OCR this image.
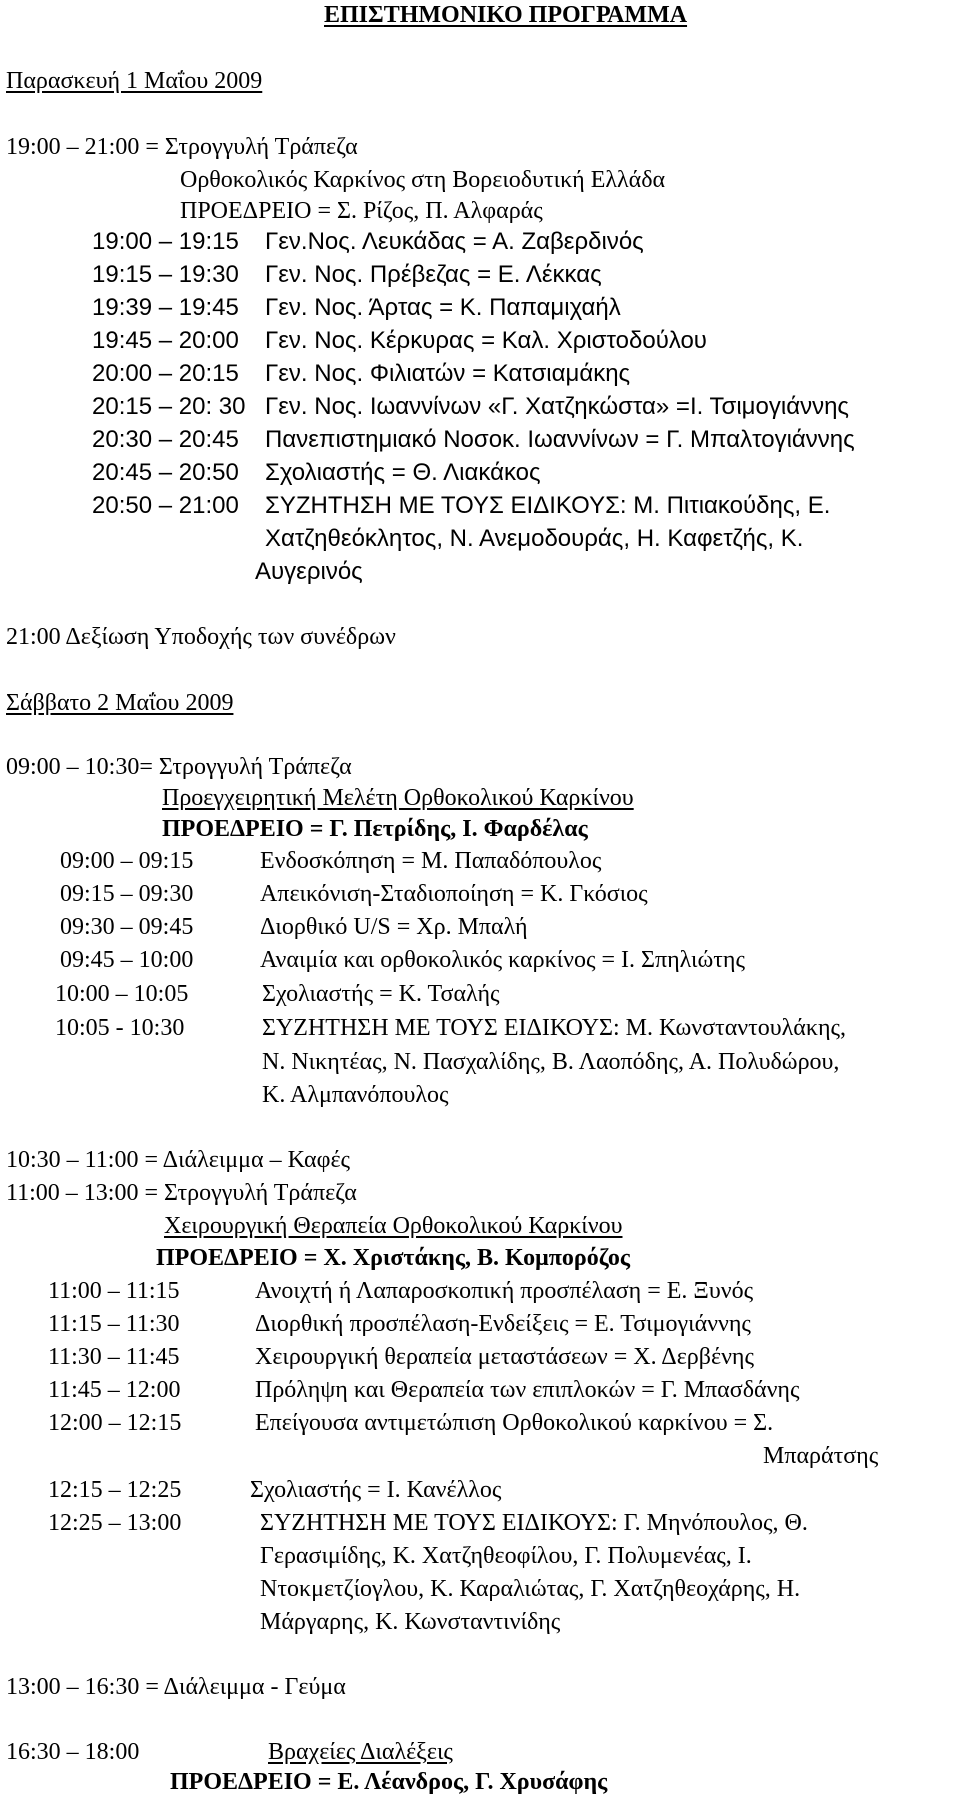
ΕΠΙΣΤΗΜΟΝΙΚΟ ΠΡΟΓΡΑΜΜΑ
Παρασκευή 1 Μαΐου 2009
19:00 – 21:00 = Στρογγυλή Τράπεζα
Ορθοκολικός Καρκίνος στη Βορειοδυτική Ελλάδα
ΠΡΟΕΔΡΕΙΟ = Σ. Ρίζος, Π. Αλφαράς
19:00 – 19:15 Γεν.Νος. Λευκάδας = Α. Ζαβερδινός
19:15 – 19:30 Γεν. Νος. Πρέβεζας = Ε. Λέκκας
19:39 – 19:45 Γεν. Νος. Άρτας = Κ. Παπαμιχαήλ
19:45 – 20:00 Γεν. Νος. Κέρκυρας = Καλ. Χριστοδούλου
20:00 – 20:15 Γεν. Νος. Φιλιατών = Κατσιαμάκης
20:15 – 20: 30 Γεν. Νος. Ιωαννίνων «Γ. Χατζηκώστα» =Ι. Τσιμογιάννης
20:30 – 20:45 Πανεπιστημιακό Νοσοκ. Ιωαννίνων = Γ. Μπαλτογιάννης
20:45 – 20:50 Σχολιαστής = Θ. Λιακάκος
20:50 – 21:00 ΣΥΖΗΤΗΣΗ ΜΕ ΤΟΥΣ ΕΙΔΙΚΟΥΣ: Μ. Πιτιακούδης, Ε.
Χατζηθεόκλητος, Ν. Ανεμοδουράς, Η. Καφετζής, Κ.
Αυγερινός
21:00 Δεξίωση Υποδοχής των συνέδρων
Σάββατο 2 Μαΐου 2009
09:00 – 10:30= Στρογγυλή Τράπεζα
Προεγχειρητική Μελέτη Ορθοκολικού Καρκίνου
ΠΡΟΕΔΡΕΙΟ = Γ. Πετρίδης, Ι. Φαρδέλας
09:00 – 09:15	Ενδοσκόπηση = Μ. Παπαδόπουλος
09:15 – 09:30	Απεικόνιση-Σταδιοποίηση = Κ. Γκόσιος
09:30 – 09:45	Διορθικό U/S = Χρ. Μπαλή
09:45 – 10:00	Αναιμία και ορθοκολικός καρκίνος = Ι. Σπηλιώτης
10:00 – 10:05	Σχολιαστής = Κ. Τσαλής
10:05 - 10:30	ΣΥΖΗΤΗΣΗ ΜΕ ΤΟΥΣ ΕΙΔΙΚΟΥΣ: Μ. Κωνσταντουλάκης,
Ν. Νικητέας, Ν. Πασχαλίδης, Β. Λαοπόδης, Α. Πολυδώρου,
Κ. Αλμπανόπουλος
10:30 – 11:00 = Διάλειμμα – Καφές
11:00 – 13:00 = Στρογγυλή Τράπεζα
Χειρουργική Θεραπεία Ορθοκολικού Καρκίνου
ΠΡΟΕΔΡΕΙΟ = Χ. Χριστάκης, Β. Κομπορόζος
11:00 – 11:15	Ανοιχτή ή Λαπαροσκοπική προσπέλαση = Ε. Ξυνός
11:15 – 11:30	Διορθική προσπέλαση-Ενδείξεις = Ε. Τσιμογιάννης
11:30 – 11:45	Χειρουργική θεραπεία μεταστάσεων = Χ. Δερβένης
11:45 – 12:00	Πρόληψη και Θεραπεία των επιπλοκών = Γ. Μπασδάνης
12:00 – 12:15	Επείγουσα αντιμετώπιση Ορθοκολικού καρκίνου = Σ.
Μπαράτσης
12:15 – 12:25	Σχολιαστής = Ι. Κανέλλος
12:25 – 13:00	ΣΥΖΗΤΗΣΗ ΜΕ ΤΟΥΣ ΕΙΔΙΚΟΥΣ: Γ. Μηνόπουλος, Θ.
Γερασιμίδης, Κ. Χατζηθεοφίλου, Γ. Πολυμενέας, Ι.
Ντοκμετζίογλου, Κ. Καραλιώτας, Γ. Χατζηθεοχάρης, Η.
Μάργαρης, Κ. Κωνσταντινίδης
13:00 – 16:30 = Διάλειμμα - Γεύμα
16:30 – 18:00	Βραχείες Διαλέξεις
ΠΡΟΕΔΡΕΙΟ = Ε. Λέανδρος, Γ. Χρυσάφης
